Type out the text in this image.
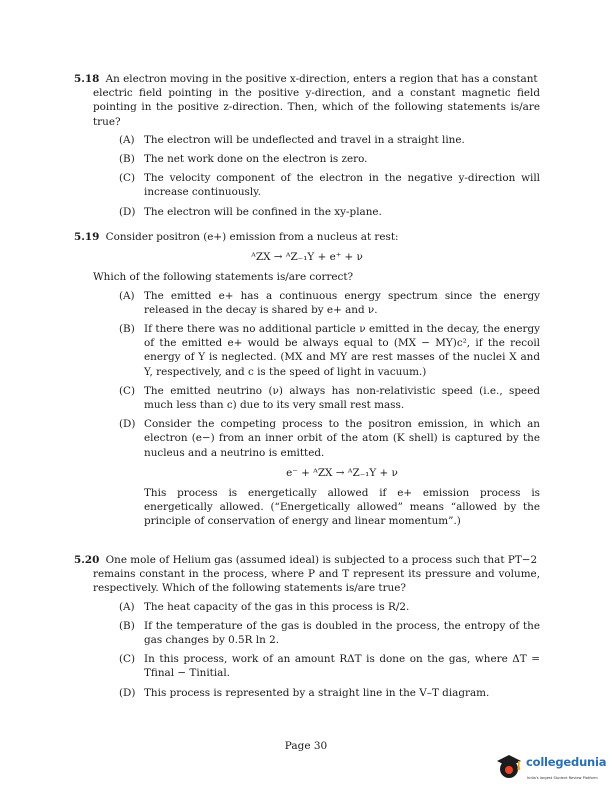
5.18 An electron moving in the positive x-direction, enters a region that has a constant

electric field pointing in the positive y-direction, and a constant magnetic field pointing in the positive z-direction. Then, which of the following statements is/are true?

(A) The electron will be undeflected and travel in a straight line.
(B) The net work done on the electron is zero.
(C) The velocity component of the electron in the negative y-direction will increase continuously.
(D) The electron will be confined in the xy-plane.

5.19 Consider positron (e+) emission from a nucleus at rest:

ᴬZX → ᴬZ₋₁Y + e⁺ + ν

Which of the following statements is/are correct?

(A) The emitted e+ has a continuous energy spectrum since the energy released in the decay is shared by e+ and ν.
(B) If there there was no additional particle ν emitted in the decay, the energy of the emitted e+ would be always equal to (MX − MY)c², if the recoil energy of Y is neglected. (MX and MY are rest masses of the nuclei X and Y, respectively, and c is the speed of light in vacuum.)
(C) The emitted neutrino (ν) always has non-relativistic speed (i.e., speed much less than c) due to its very small rest mass.
(D) Consider the competing process to the positron emission, in which an electron (e−) from an inner orbit of the atom (K shell) is captured by the nucleus and a neutrino is emitted.
e⁻ + ᴬZX → ᴬZ₋₁Y + ν
This process is energetically allowed if e+ emission process is energetically allowed. (“Energetically allowed” means “allowed by the principle of conservation of energy and linear momentum”.)

5.20 One mole of Helium gas (assumed ideal) is subjected to a process such that PT−2

remains constant in the process, where P and T represent its pressure and volume, respectively. Which of the following statements is/are true?

(A) The heat capacity of the gas in this process is R/2.
(B) If the temperature of the gas is doubled in the process, the entropy of the gas changes by 0.5R ln 2.
(C) In this process, work of an amount RΔT is done on the gas, where ΔT = Tfinal − Tinitial.
(D) This process is represented by a straight line in the V–T diagram.
Page 30
collegedunia
India's largest Student Review Platform
